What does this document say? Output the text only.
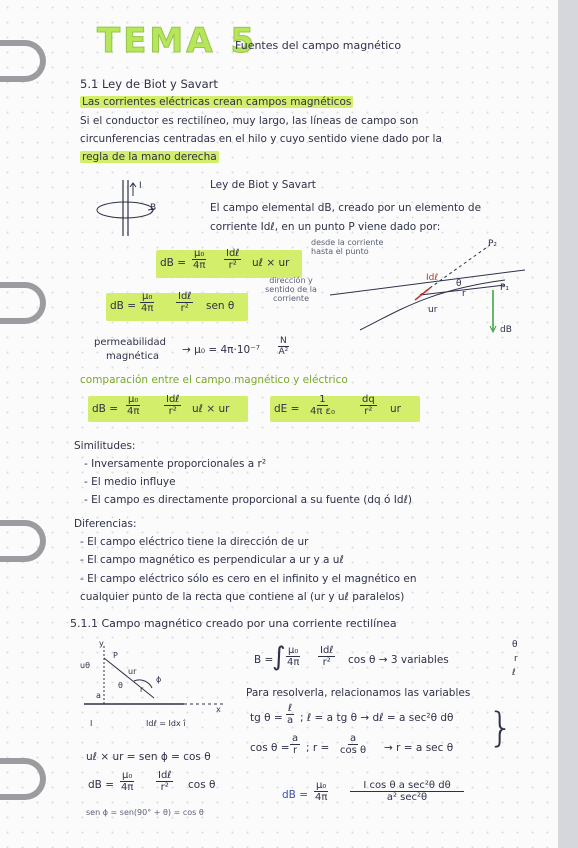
TEMA 5
Fuentes del campo magnético
5.1 Ley de Biot y Savart
Las corrientes eléctricas crean campos magnéticos
Si el conductor es rectilíneo, muy largo, las líneas de campo son
circunferencias centradas en el hilo y cuyo sentido viene dado por la
regla de la mano derecha
I
B
Ley de Biot y Savart
El campo elemental dB, creado por un elemento de
corriente Idℓ, en un punto P viene dado por:
dB = $\frac{\text{μ₀}}{4\pi}$ Idℓ
r² uℓ × ur
dB = $\frac{\text{μ₀}}{4\pi}$ Idℓ
r² sen θ
desde la corriente hasta el punto
dirección y sentido de la corriente
P₂
P₁
Idℓ
ur
r
θ
dB
permeabilidad
magnética
→ $\mu_0 = 4\pi\cdot 10^{-7} \frac{N}{\text{A²}}$
comparación entre el campo magnético y eléctrico
dB = $\frac{\text{μ₀}}{4\pi}$	Idℓ
r² uℓ × ur	dE = $\frac{1}{\text{4π ε₀}}$	$\frac{dq}{\text{r²}}$ ur
Similitudes:
- Inversamente proporcionales a r²
- El medio influye
- El campo es directamente proporcional a su fuente (dq ó Idℓ)
Diferencias:
- El campo eléctrico tiene la dirección de ur
- El campo magnético es perpendicular a ur y a uℓ
- El campo eléctrico sólo es cero en el infinito y el magnético en
cualquier punto de la recta que contiene al (ur y uℓ paralelos)
5.1.1 Campo magnético creado por una corriente rectilínea
y
P
uθ
ur
a
r
ϕ
θ
x
I	Idℓ = Idx î
B =
∫ $\frac{\text{μ₀}}{4\pi}$ Idℓ
r² cos θ → 3 variables
θ
r
ℓ
Para resolverla, relacionamos las variables
tg θ =
ℓ
a ; ℓ = a tg θ → dℓ = a sec²θ dθ
$\cos \theta = \frac{a}{r}$ ; $r = \frac{a}{\text{cos θ}} \to r = a$ sec θ }
uℓ × ur = sen ϕ = cos θ
dB = $\frac{\text{μ₀}}{4\pi}$ Idℓ
r² cos θ
sen ϕ = sen(90° + θ) = cos θ
dB = $\frac{\text{μ₀}}{4\pi}$	I cos θ a sec²θ dθ
a² sec²θ
